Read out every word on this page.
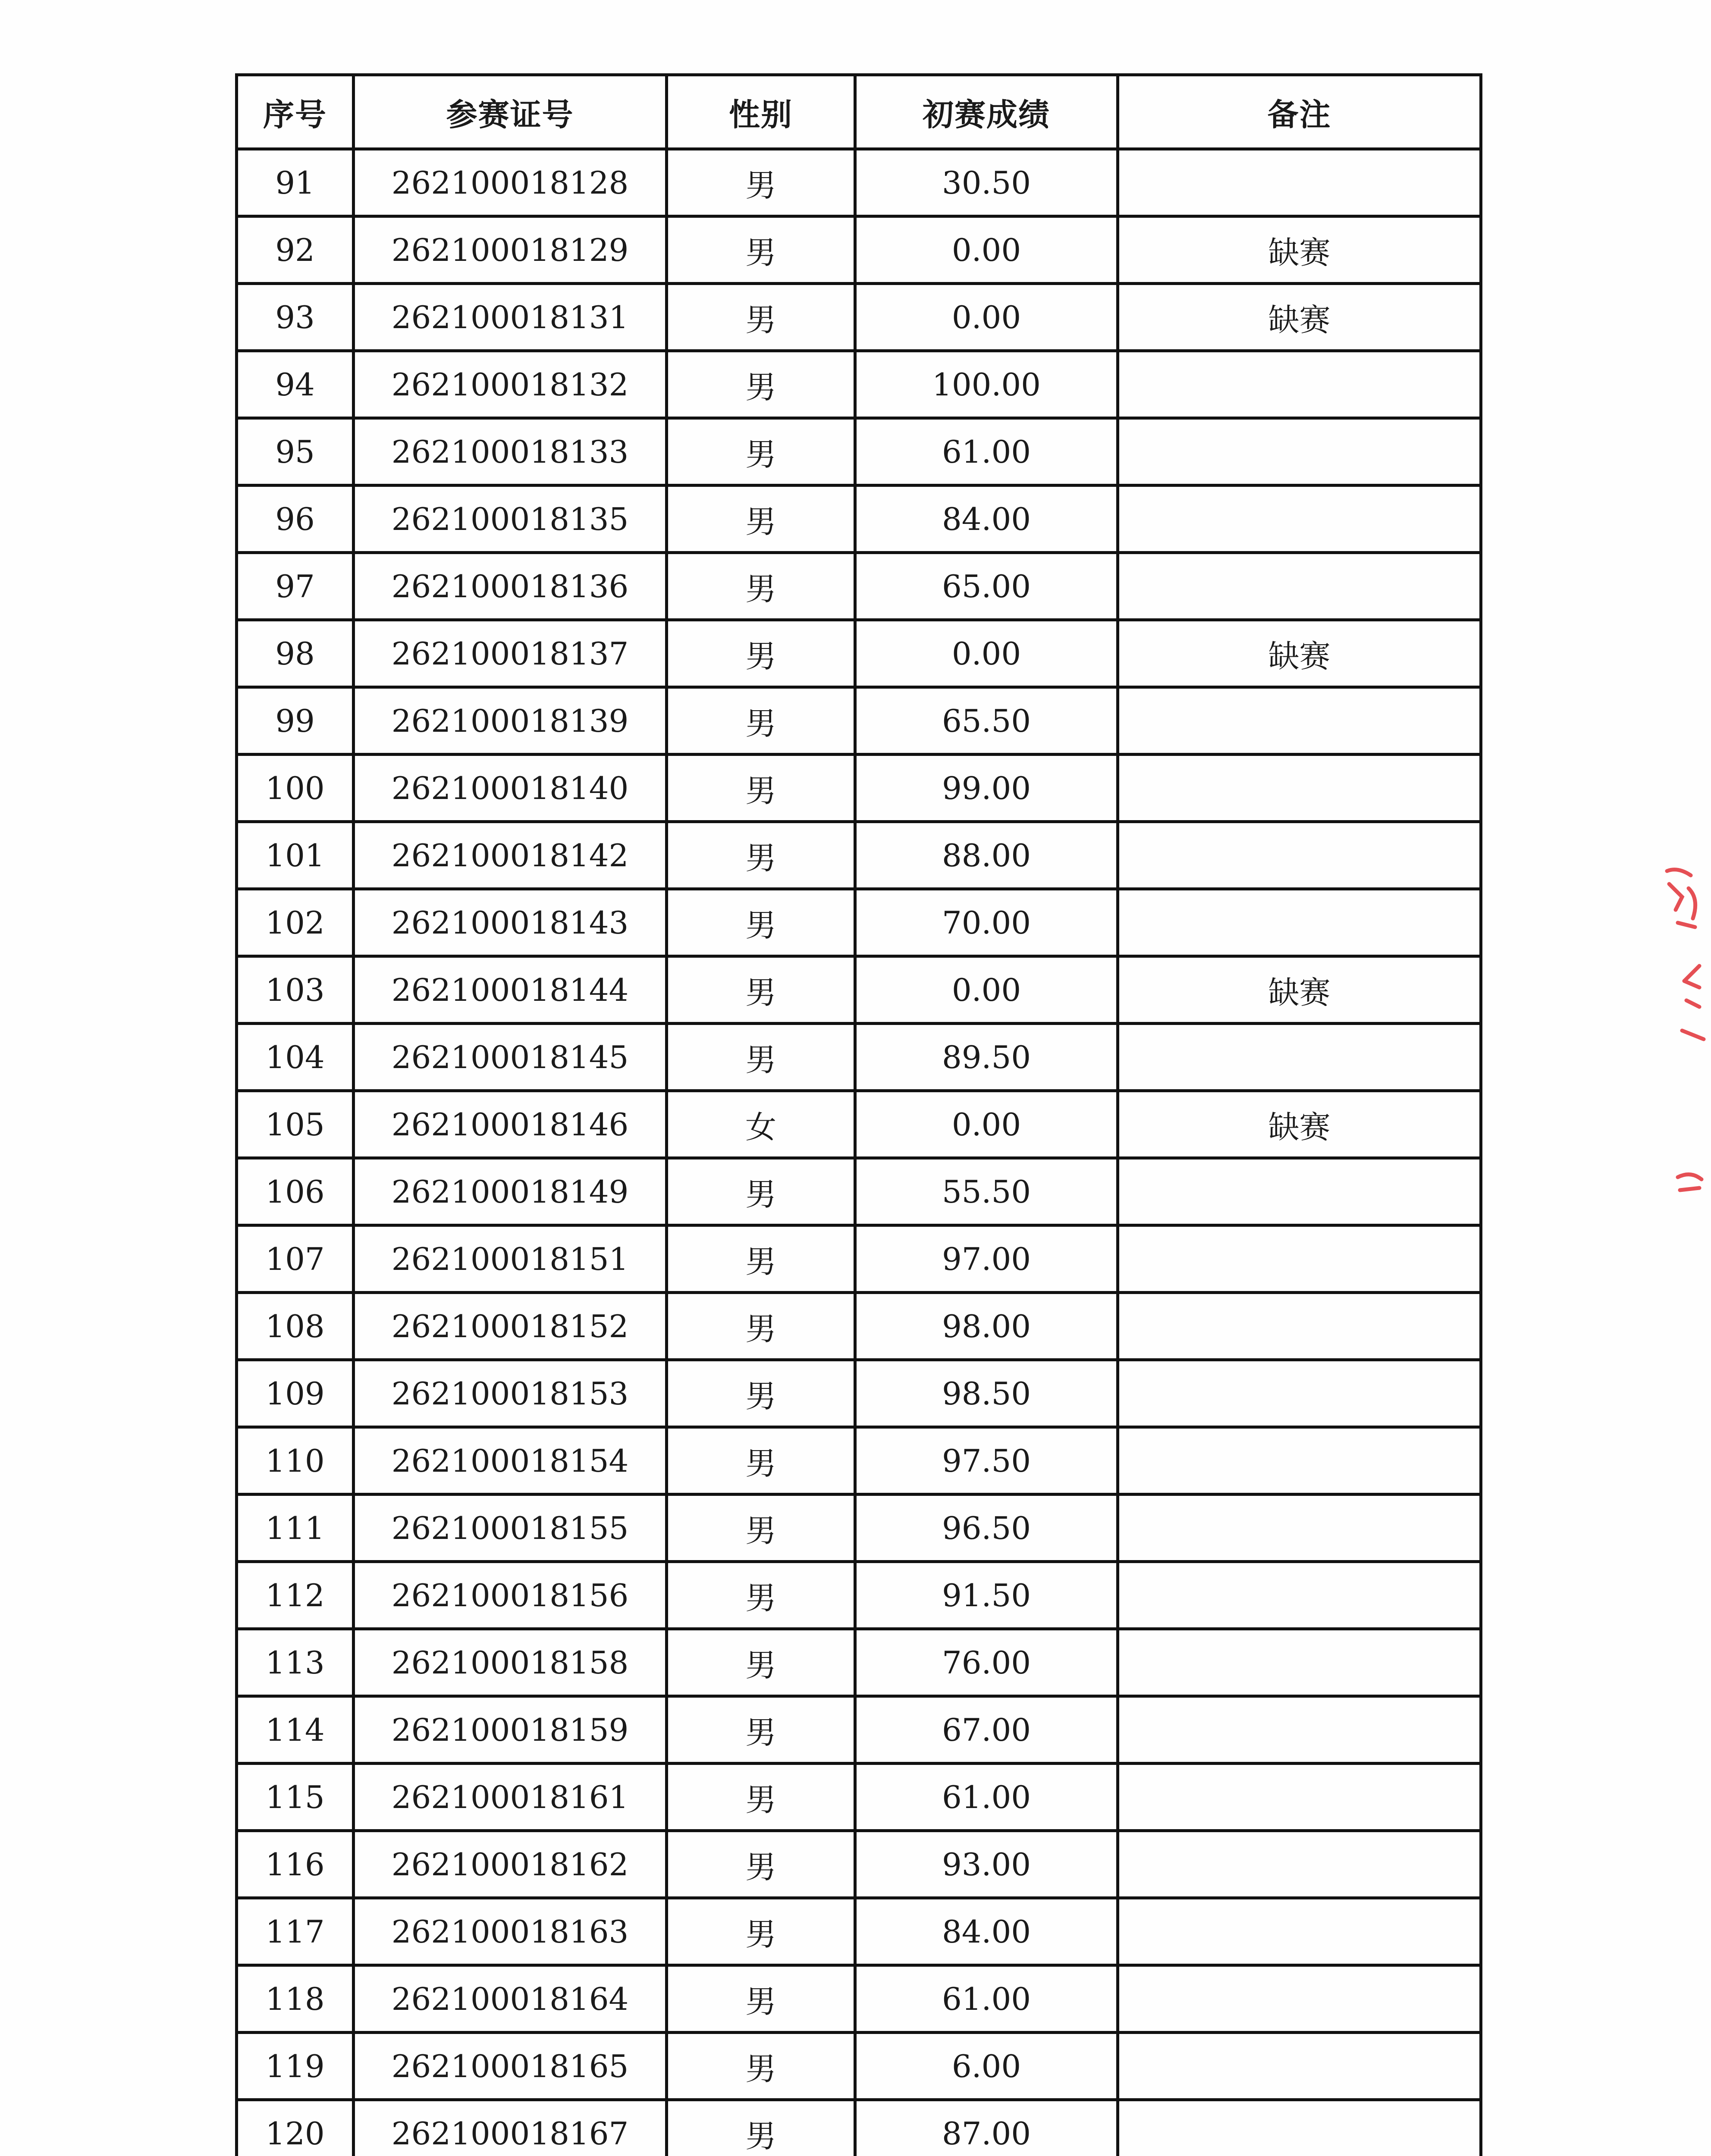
序号	参赛证号	性别	初赛成绩	备注
91	262100018128	男	30.50	
92	262100018129	男	0.00	缺赛
93	262100018131	男	0.00	缺赛
94	262100018132	男	100.00	
95	262100018133	男	61.00	
96	262100018135	男	84.00	
97	262100018136	男	65.00	
98	262100018137	男	0.00	缺赛
99	262100018139	男	65.50	
100	262100018140	男	99.00	
101	262100018142	男	88.00	
102	262100018143	男	70.00	
103	262100018144	男	0.00	缺赛
104	262100018145	男	89.50	
105	262100018146	女	0.00	缺赛
106	262100018149	男	55.50	
107	262100018151	男	97.00	
108	262100018152	男	98.00	
109	262100018153	男	98.50	
110	262100018154	男	97.50	
111	262100018155	男	96.50	
112	262100018156	男	91.50	
113	262100018158	男	76.00	
114	262100018159	男	67.00	
115	262100018161	男	61.00	
116	262100018162	男	93.00	
117	262100018163	男	84.00	
118	262100018164	男	61.00	
119	262100018165	男	6.00	
120	262100018167	男	87.00	
